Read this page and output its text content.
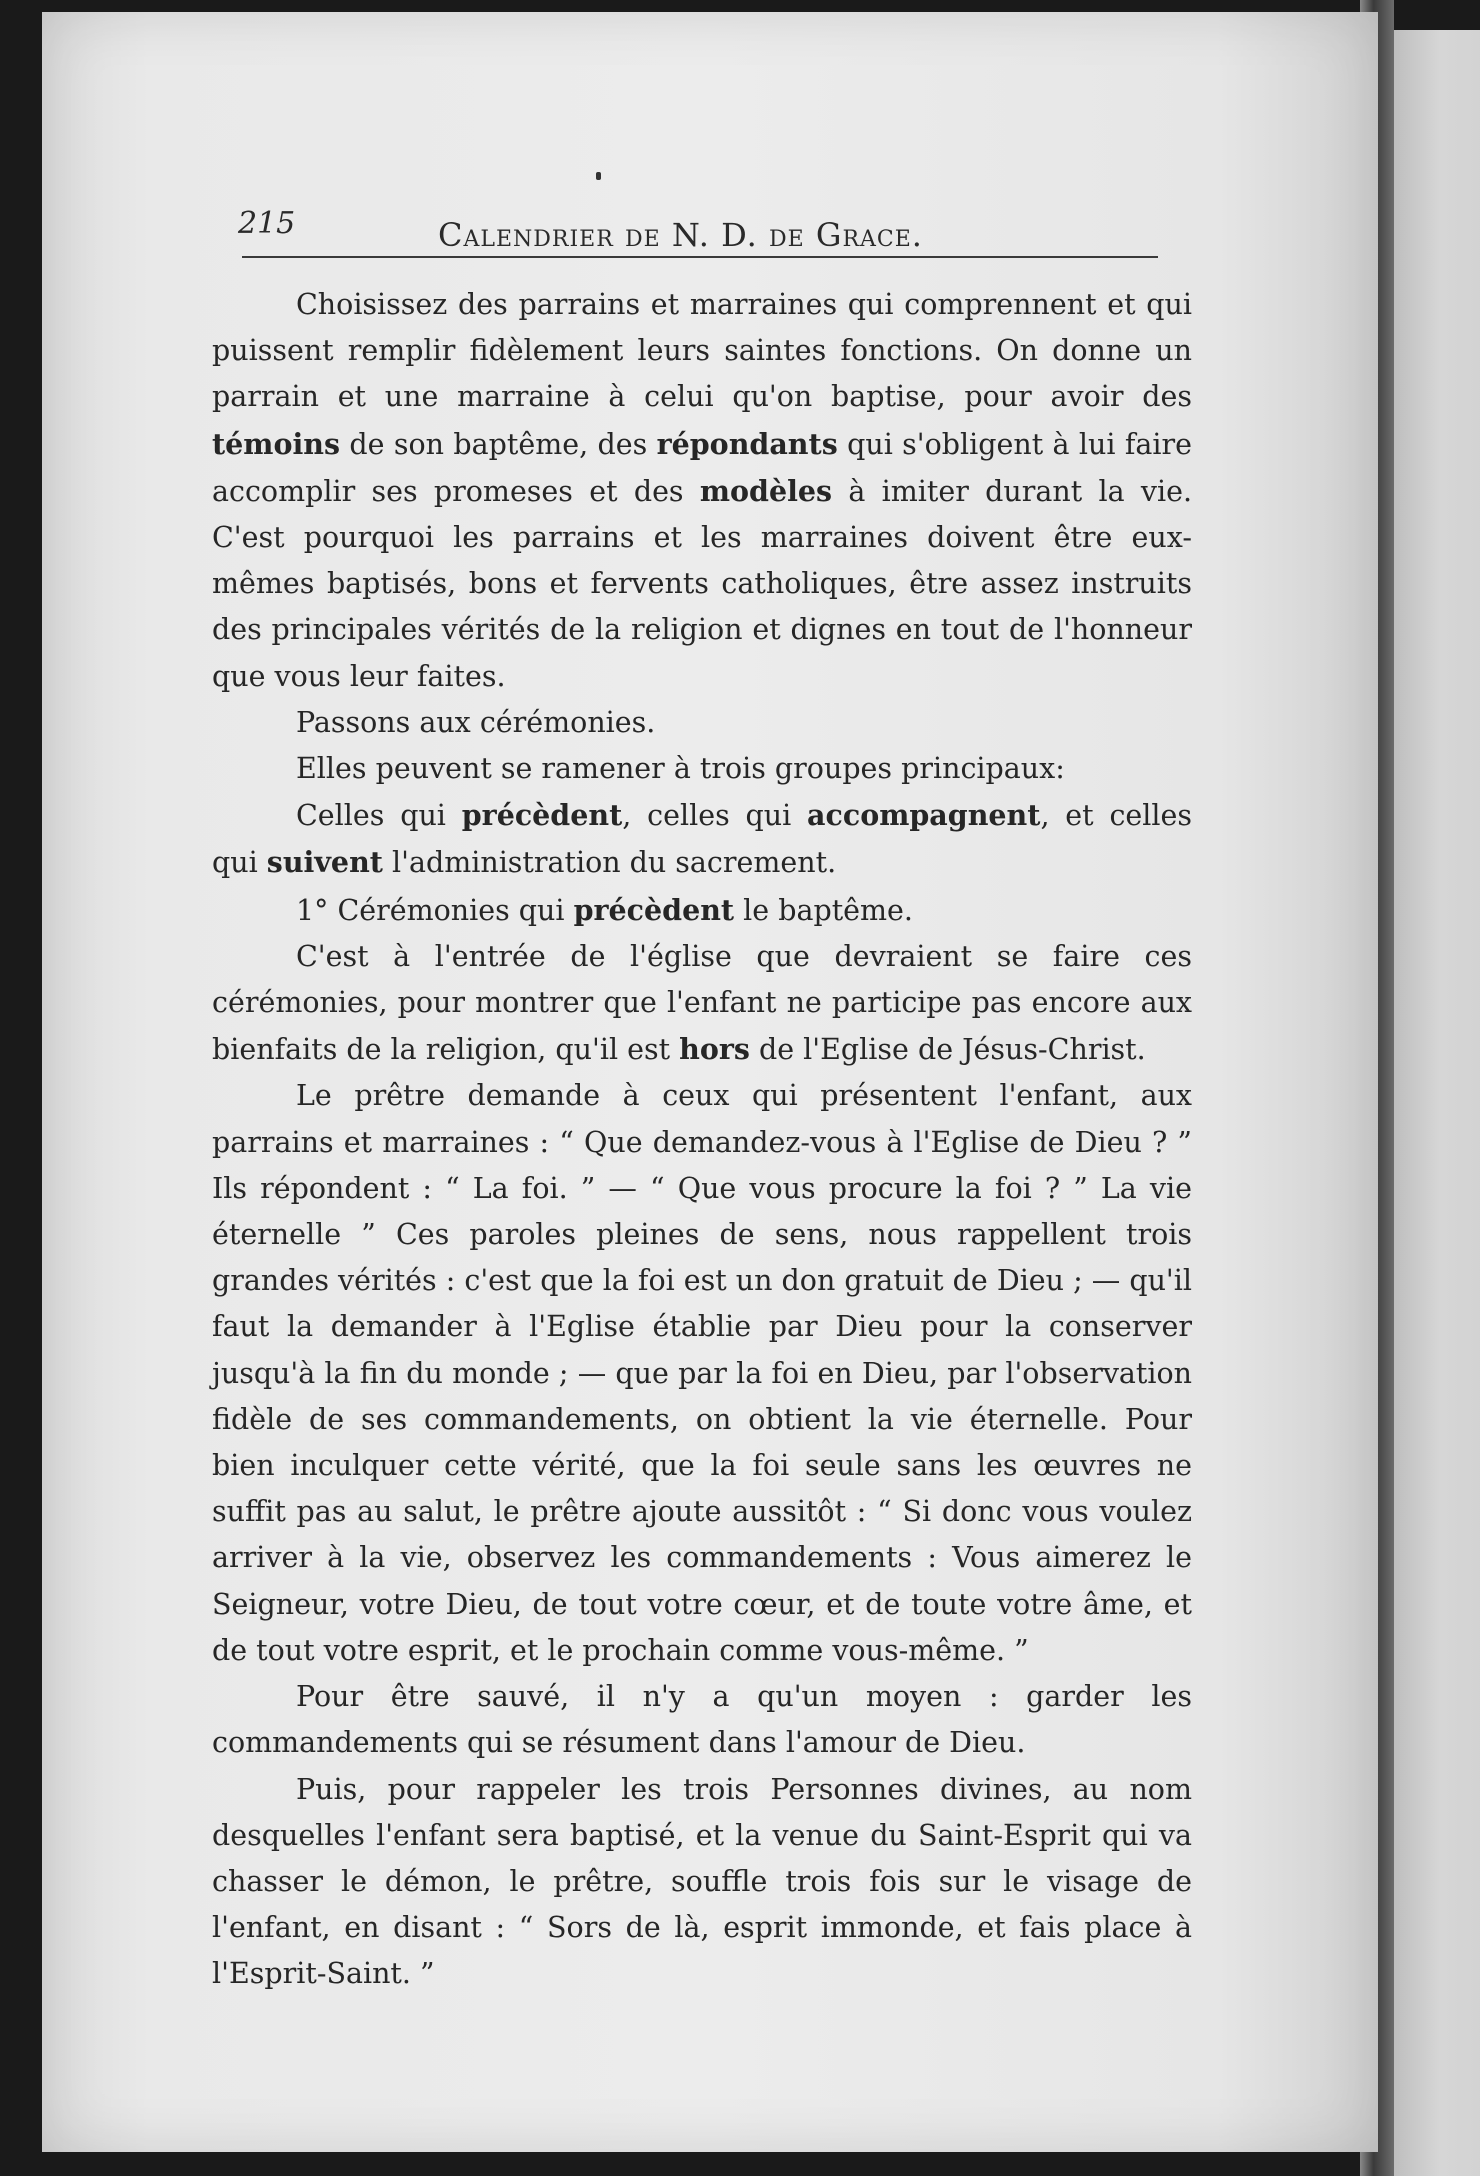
215	Calendrier de N. D. de Grace.

Choisissez des parrains et marraines qui comprennent et qui puissent remplir fidèlement leurs saintes fonctions. On donne un parrain et une marraine à celui qu'on baptise, pour avoir des témoins de son baptême, des répondants qui s'obligent à lui faire accomplir ses promeses et des modèles à imiter durant la vie. C'est pourquoi les parrains et les marraines doivent être eux-mêmes baptisés, bons et fervents catholiques, être assez instruits des principales vérités de la religion et dignes en tout de l'honneur que vous leur faites.

Passons aux cérémonies.

Elles peuvent se ramener à trois groupes principaux:

Celles qui précèdent, celles qui accompagnent, et celles qui suivent l'administration du sacrement.

1° Cérémonies qui précèdent le baptême.

C'est à l'entrée de l'église que devraient se faire ces cérémonies, pour montrer que l'enfant ne participe pas encore aux bienfaits de la religion, qu'il est hors de l'Eglise de Jésus-Christ.

Le prêtre demande à ceux qui présentent l'enfant, aux parrains et marraines : “ Que demandez-vous à l'Eglise de Dieu ? ” Ils répondent : “ La foi. ” — “ Que vous procure la foi ? ” La vie éternelle ” Ces paroles pleines de sens, nous rappellent trois grandes vérités : c'est que la foi est un don gratuit de Dieu ; — qu'il faut la demander à l'Eglise établie par Dieu pour la conserver jusqu'à la fin du monde ; — que par la foi en Dieu, par l'observation fidèle de ses commandements, on obtient la vie éternelle. Pour bien inculquer cette vérité, que la foi seule sans les œuvres ne suffit pas au salut, le prêtre ajoute aussitôt : “ Si donc vous voulez arriver à la vie, observez les commandements : Vous aimerez le Seigneur, votre Dieu, de tout votre cœur, et de toute votre âme, et de tout votre esprit, et le prochain comme vous-même. ”

Pour être sauvé, il n'y a qu'un moyen : garder les commandements qui se résument dans l'amour de Dieu.

Puis, pour rappeler les trois Personnes divines, au nom desquelles l'enfant sera baptisé, et la venue du Saint-Esprit qui va chasser le démon, le prêtre, souffle trois fois sur le visage de l'enfant, en disant : “ Sors de là, esprit immonde, et fais place à l'Esprit-Saint. ”
